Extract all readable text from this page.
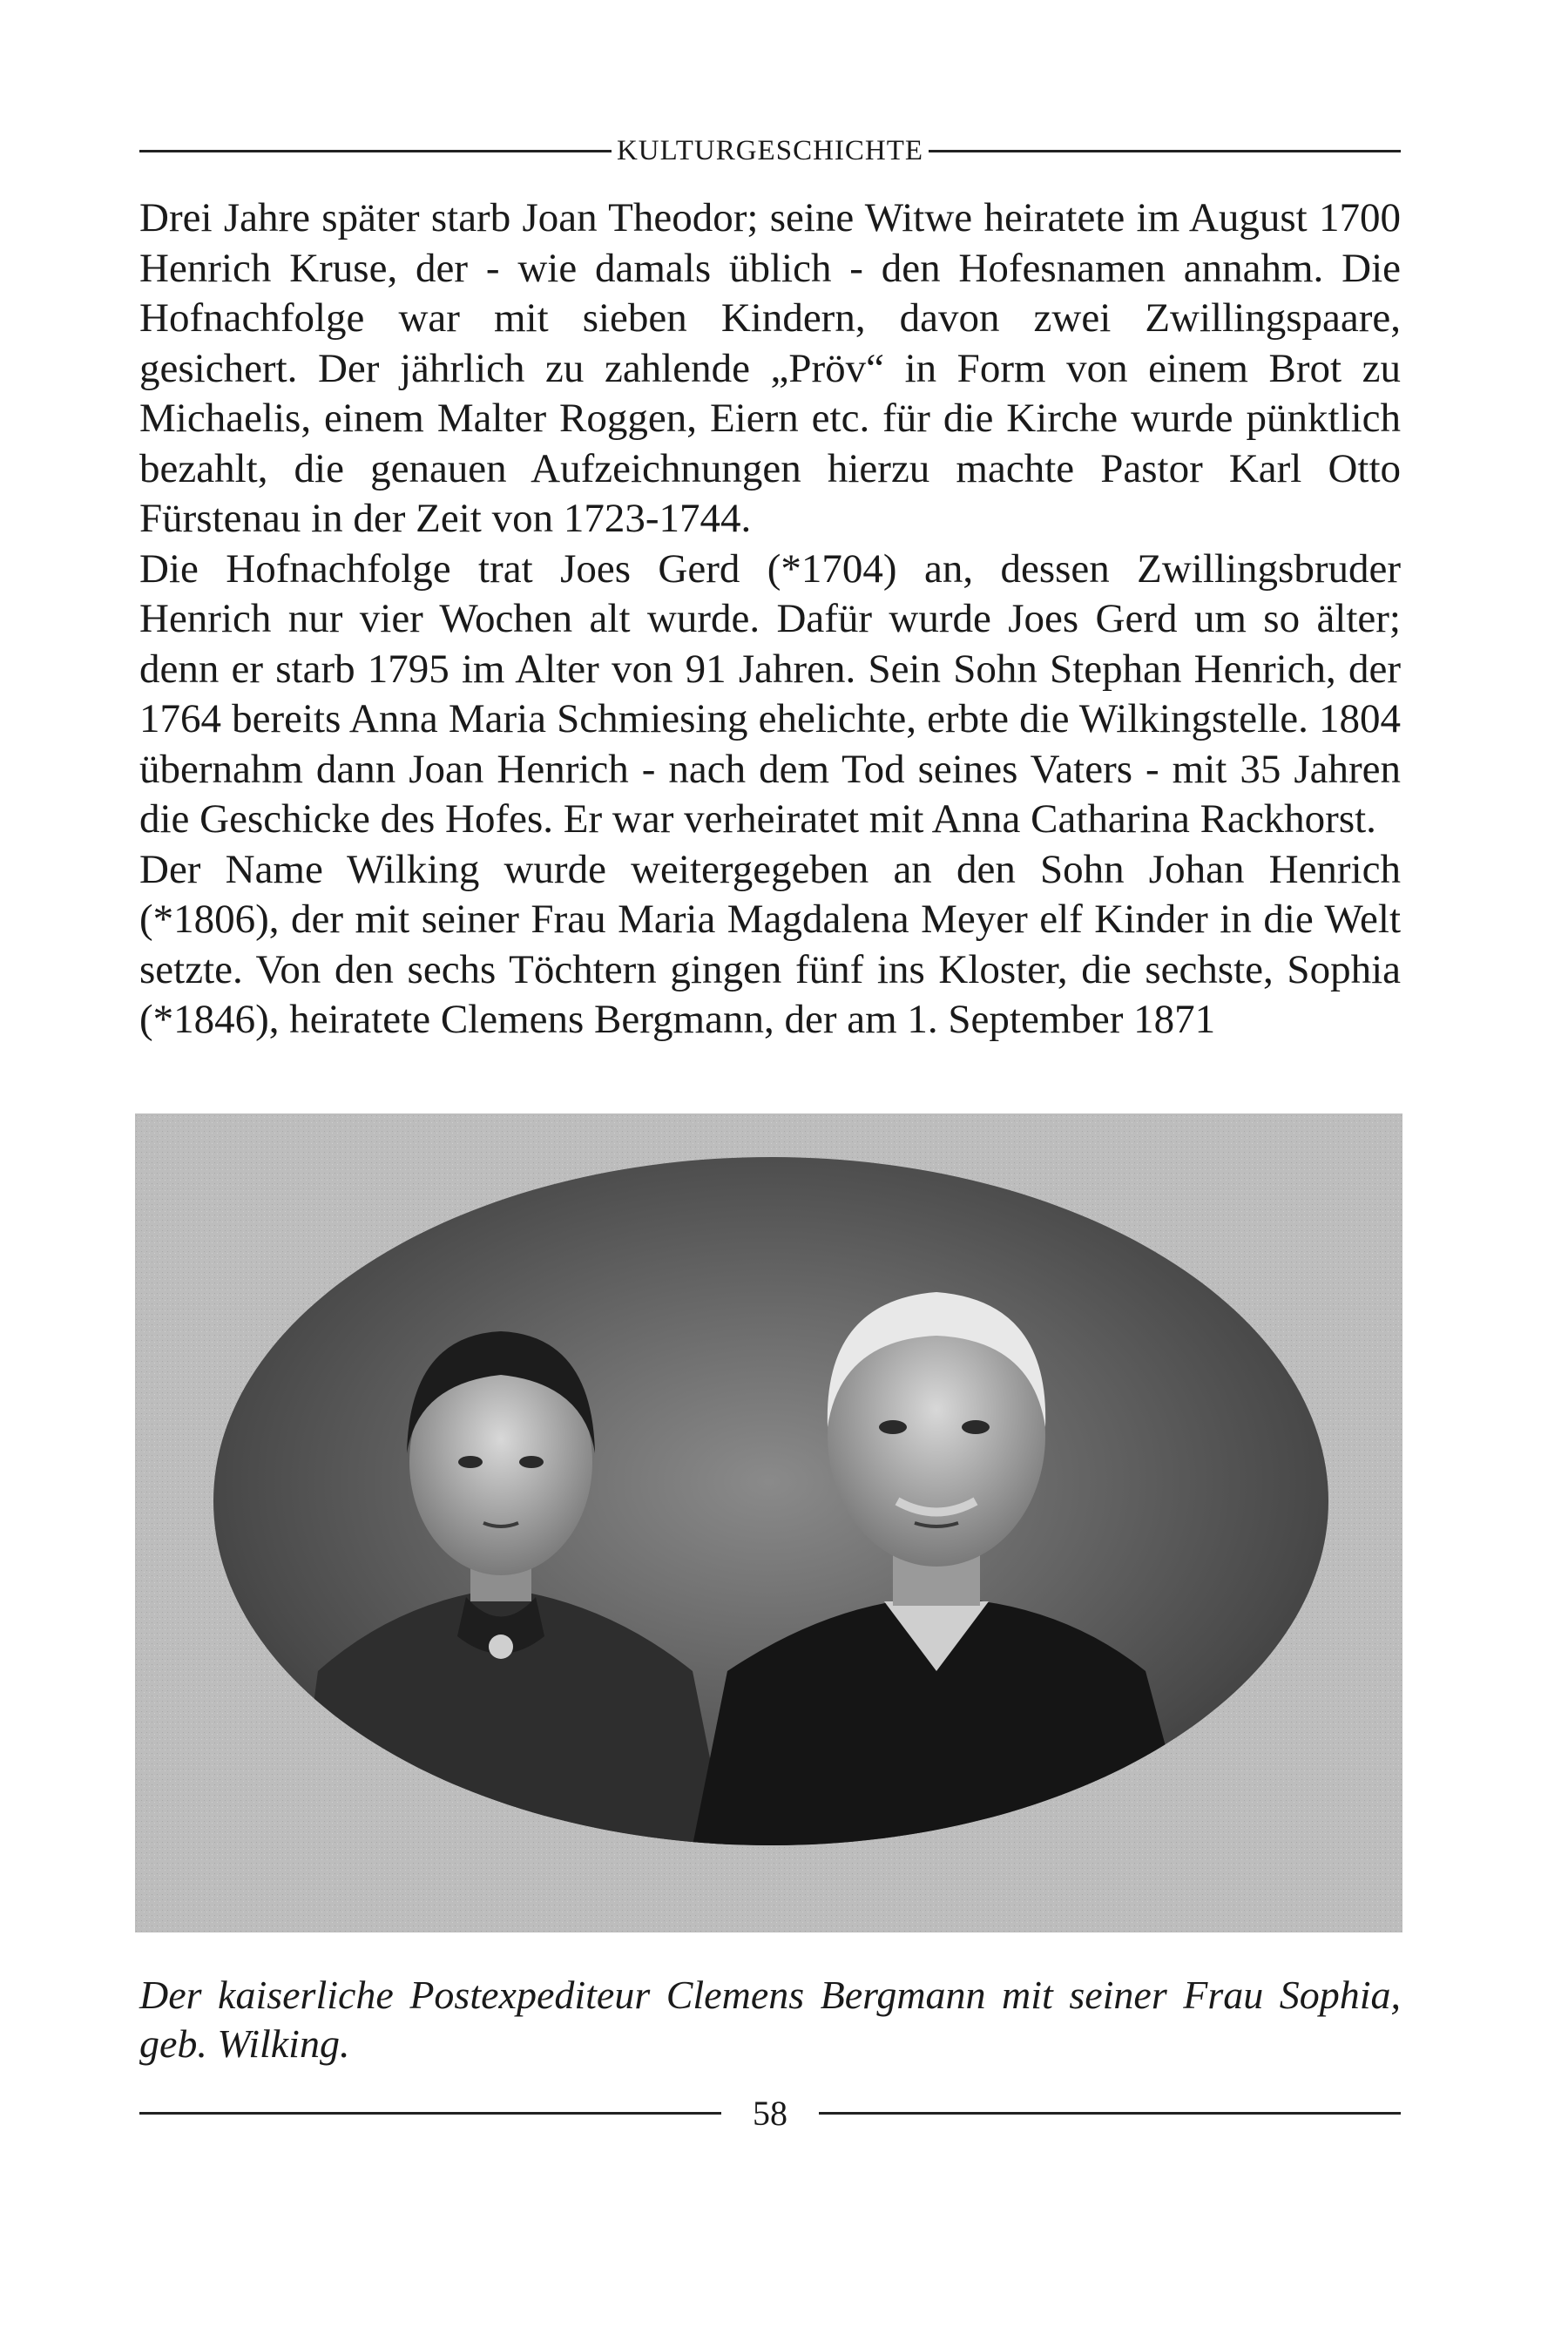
KULTURGESCHICHTE

Drei Jahre später starb Joan Theodor; seine Witwe heiratete im August 1700 Henrich Kruse, der - wie damals üblich - den Hofesnamen annahm. Die Hofnachfolge war mit sieben Kindern, davon zwei Zwillingspaare, gesichert. Der jährlich zu zahlende „Pröv“ in Form von einem Brot zu Michaelis, einem Malter Roggen, Eiern etc. für die Kirche wurde pünktlich bezahlt, die genauen Aufzeichnungen hierzu machte Pastor Karl Otto Fürstenau in der Zeit von 1723-1744.

Die Hofnachfolge trat Joes Gerd (*1704) an, dessen Zwillingsbruder Henrich nur vier Wochen alt wurde. Dafür wurde Joes Gerd um so älter; denn er starb 1795 im Alter von 91 Jahren. Sein Sohn Stephan Henrich, der 1764 bereits Anna Maria Schmiesing ehelichte, erbte die Wilkingstelle. 1804 übernahm dann Joan Henrich - nach dem Tod seines Vaters - mit 35 Jahren die Geschicke des Hofes. Er war verheiratet mit Anna Catharina Rackhorst.

Der Name Wilking wurde weitergegeben an den Sohn Johan Henrich (*1806), der mit seiner Frau Maria Magdalena Meyer elf Kinder in die Welt setzte. Von den sechs Töchtern gingen fünf ins Kloster, die sechste, Sophia (*1846), heiratete Clemens Bergmann, der am 1. September 1871

Der kaiserliche Postexpediteur Clemens Bergmann mit seiner Frau Sophia, geb. Wilking.
58
